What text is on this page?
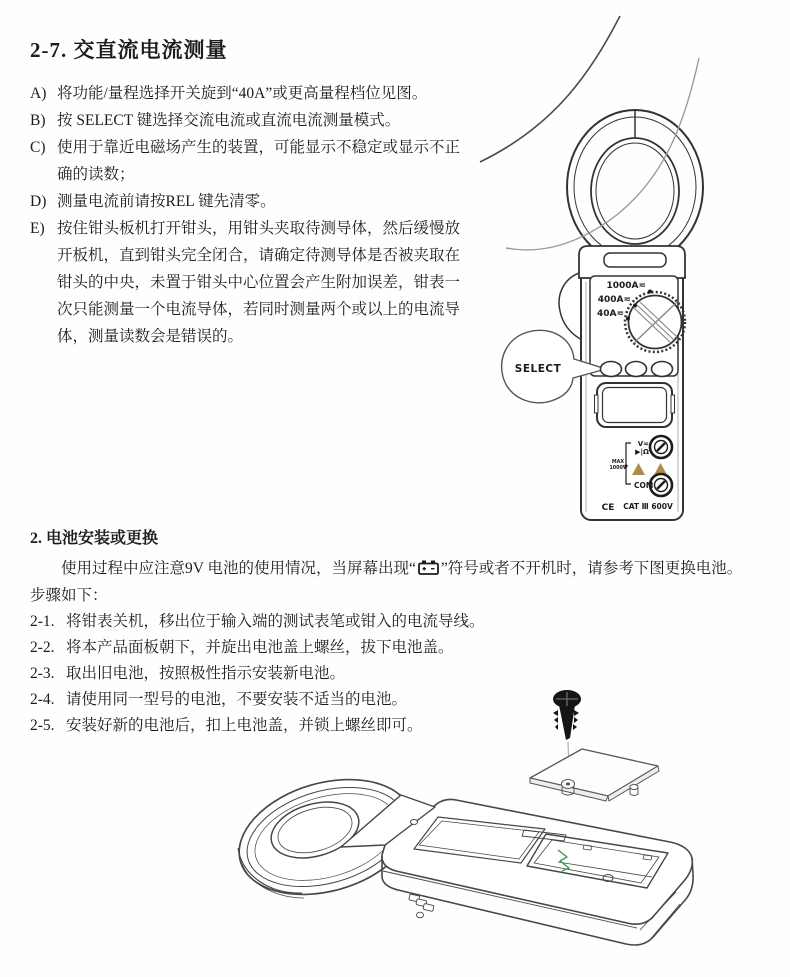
2-7. 交直流电流测量
A) 将功能/量程选择开关旋到“40A”或更高量程档位见图。
B) 按 SELECT 键选择交流电流或直流电流测量模式。
C) 使用于靠近电磁场产生的装置，可能显示不稳定或显示不正确的读数；
D) 测量电流前请按REL 键先清零。
E) 按住钳头板机打开钳头，用钳头夹取待测导体，然后缓慢放开板机，直到钳头完全闭合，请确定待测导体是否被夹取在钳头的中央，未置于钳头中心位置会产生附加误差，钳表一次只能测量一个电流导体，若同时测量两个或以上的电流导体，测量读数会是错误的。
1000A≂
400A≂
40A≂
SELECT
V≂
▶|Ω
MAX
1000V
COM
CE CAT Ⅲ 600V
2. 电池安装或更换
使用过程中应注意9V 电池的使用情况，当屏幕出现“ ”符号或者不开机时，请参考下图更换电池。
步骤如下：
2-1. 将钳表关机，移出位于输入端的测试表笔或钳入的电流导线。
2-2. 将本产品面板朝下，并旋出电池盖上螺丝，拔下电池盖。
2-3. 取出旧电池，按照极性指示安装新电池。
2-4. 请使用同一型号的电池，不要安装不适当的电池。
2-5. 安装好新的电池后，扣上电池盖，并锁上螺丝即可。
